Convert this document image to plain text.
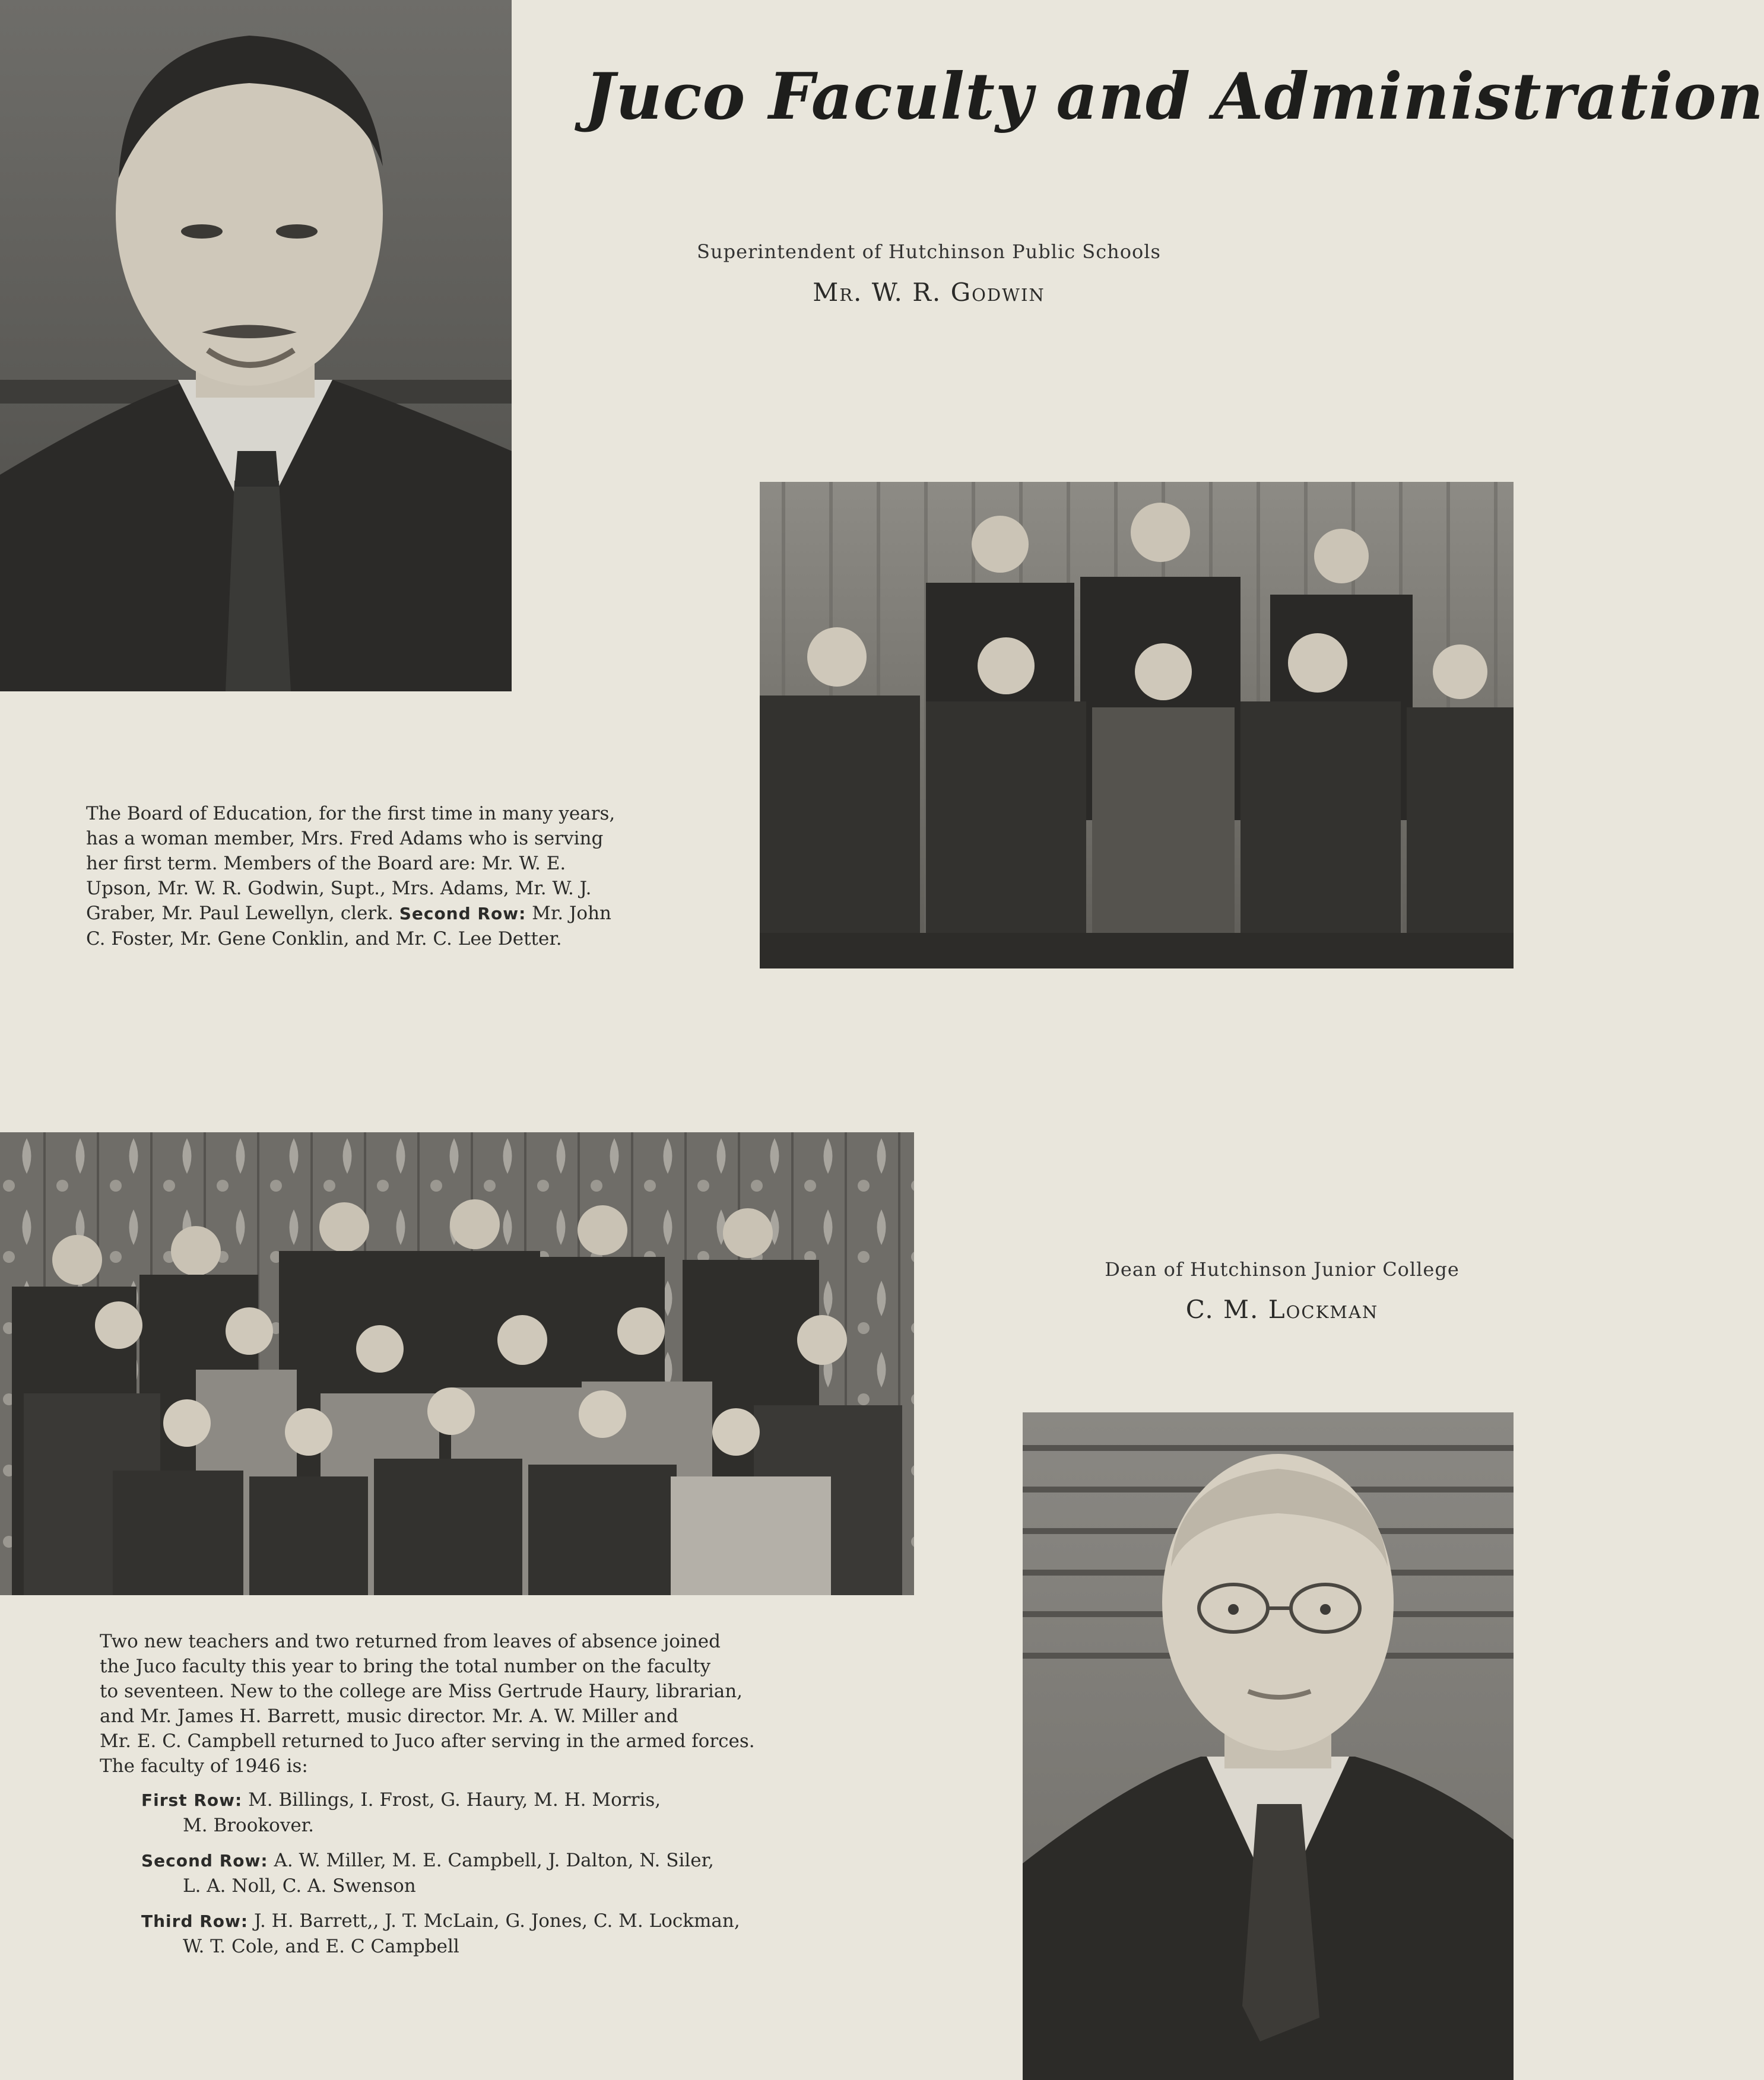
Juco Faculty and Administration
Superintendent of Hutchinson Public Schools
Mr. W. R. Godwin
The Board of Education, for the first time in many years,
has a woman member, Mrs. Fred Adams who is serving
her first term. Members of the Board are: Mr. W. E.
Upson, Mr. W. R. Godwin, Supt., Mrs. Adams, Mr. W. J.
Graber, Mr. Paul Lewellyn, clerk. Second Row: Mr. John
C. Foster, Mr. Gene Conklin, and Mr. C. Lee Detter.
Dean of Hutchinson Junior College
C. M. Lockman
Two new teachers and two returned from leaves of absence joined
the Juco faculty this year to bring the total number on the faculty
to seventeen. New to the college are Miss Gertrude Haury, librarian,
and Mr. James H. Barrett, music director. Mr. A. W. Miller and
Mr. E. C. Campbell returned to Juco after serving in the armed forces.
The faculty of 1946 is:
First Row: M. Billings, I. Frost, G. Haury, M. H. Morris,
M. Brookover.
Second Row: A. W. Miller, M. E. Campbell, J. Dalton, N. Siler,
L. A. Noll, C. A. Swenson
Third Row: J. H. Barrett,, J. T. McLain, G. Jones, C. M. Lockman,
W. T. Cole, and E. C Campbell
